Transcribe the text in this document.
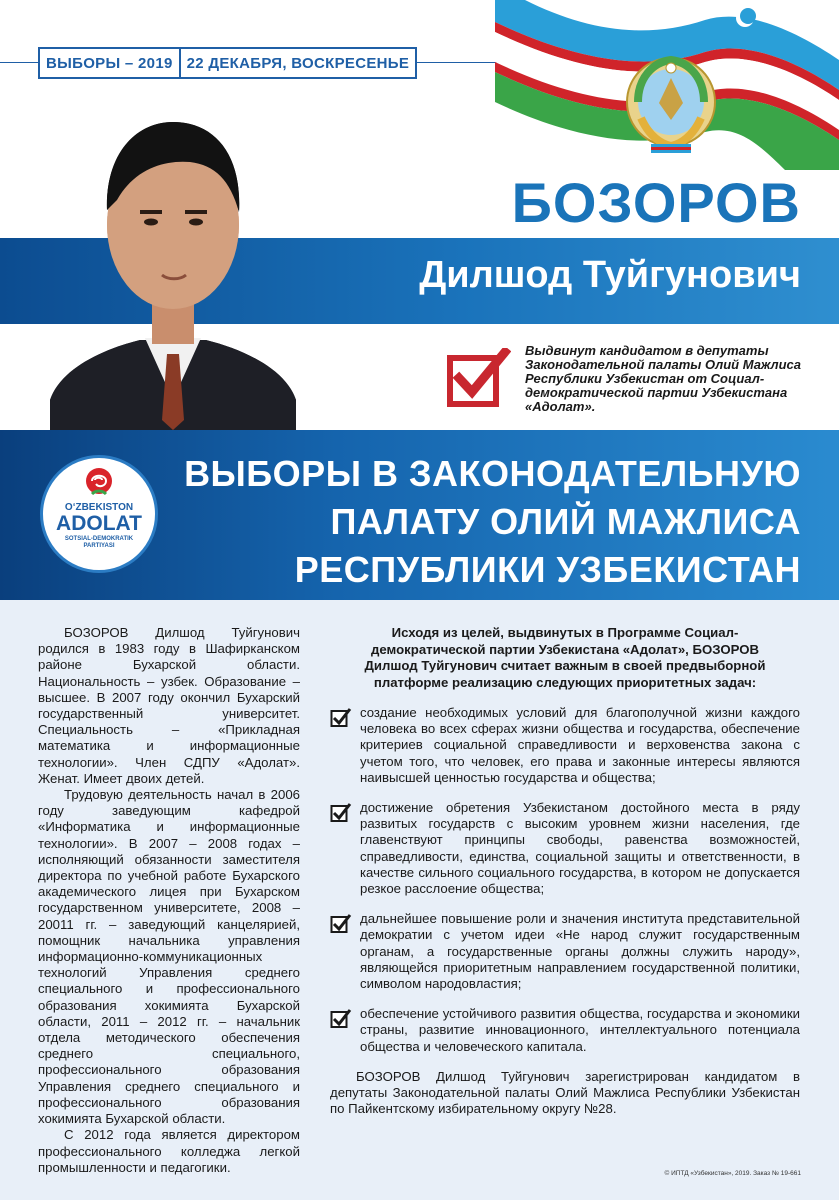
ВЫБОРЫ – 2019 22 ДЕКАБРЯ, ВОСКРЕСЕНЬЕ
БОЗОРОВ
Дилшод Туйгунович
Выдвинут кандидатом в депутаты Законодательной палаты Олий Мажлиса Республики Узбекистан от Социал-демократической партии Узбекистана «Адолат».
ВЫБОРЫ В ЗАКОНОДАТЕЛЬНУЮ
ПАЛАТУ ОЛИЙ МАЖЛИСА
РЕСПУБЛИКИ УЗБЕКИСТАН
O‘ZBEKISTON
ADOLAT
SOTSIAL-DEMOKRATIK
PARTIYASI

БОЗОРОВ Дилшод Туйгунович родился в 1983 году в Шафирканском районе Бухарской области. Национальность – узбек. Образование – высшее. В 2007 году окончил Бухарский государственный университет. Специальность – «Прикладная математика и информационные технологии». Член СДПУ «Адолат». Женат. Имеет двоих детей.

Трудовую деятельность начал в 2006 году заведующим кафедрой «Информатика и информационные технологии». В 2007 – 2008 годах – исполняющий обязанности заместителя директора по учебной работе Бухарского академического лицея при Бухарском государственном университете, 2008 – 20011 гг. – заведующий канцелярией, помощник начальника управления информационно-коммуникационных технологий Управления среднего специального и профессионального образования хокимията Бухарской области, 2011 – 2012 гг. – начальник отдела методического обеспечения среднего специального, профессионального образования Управления среднего специального и профессионального образования хокимията Бухарской области.

С 2012 года является директором профессионального колледжа легкой промышленности и педагогики.

Исходя из целей, выдвинутых в Программе Социал-демократической партии Узбекистана «Адолат», БОЗОРОВ Дилшод Туйгунович считает важным в своей предвыборной платформе реализацию следующих приоритетных задач:

создание необходимых условий для благополучной жизни каждого человека во всех сферах жизни общества и государства, обеспечение критериев социальной справедливости и верховенства закона с учетом того, что человек, его права и законные интересы являются наивысшей ценностью государства и общества;
достижение обретения Узбекистаном достойного места в ряду развитых государств с высоким уровнем жизни населения, где главенствуют принципы свободы, равенства возможностей, справедливости, единства, социальной защиты и ответственности, в качестве сильного социального государства, в котором не допускается резкое расслоение общества;
дальнейшее повышение роли и значения института представительной демократии с учетом идеи «Не народ служит государственным органам, а государственные органы должны служить народу», являющейся приоритетным направлением государственной политики, символом народовластия;
обеспечение устойчивого развития общества, государства и экономики страны, развитие инновационного, интеллектуального потенциала общества и человеческого капитала.
БОЗОРОВ Дилшод Туйгунович зарегистрирован кандидатом в депутаты Законодательной палаты Олий Мажлиса Республики Узбекистан по Пайкентскому избирательному округу №28.
© ИПТД «Узбекистан», 2019. Заказ № 19-661
